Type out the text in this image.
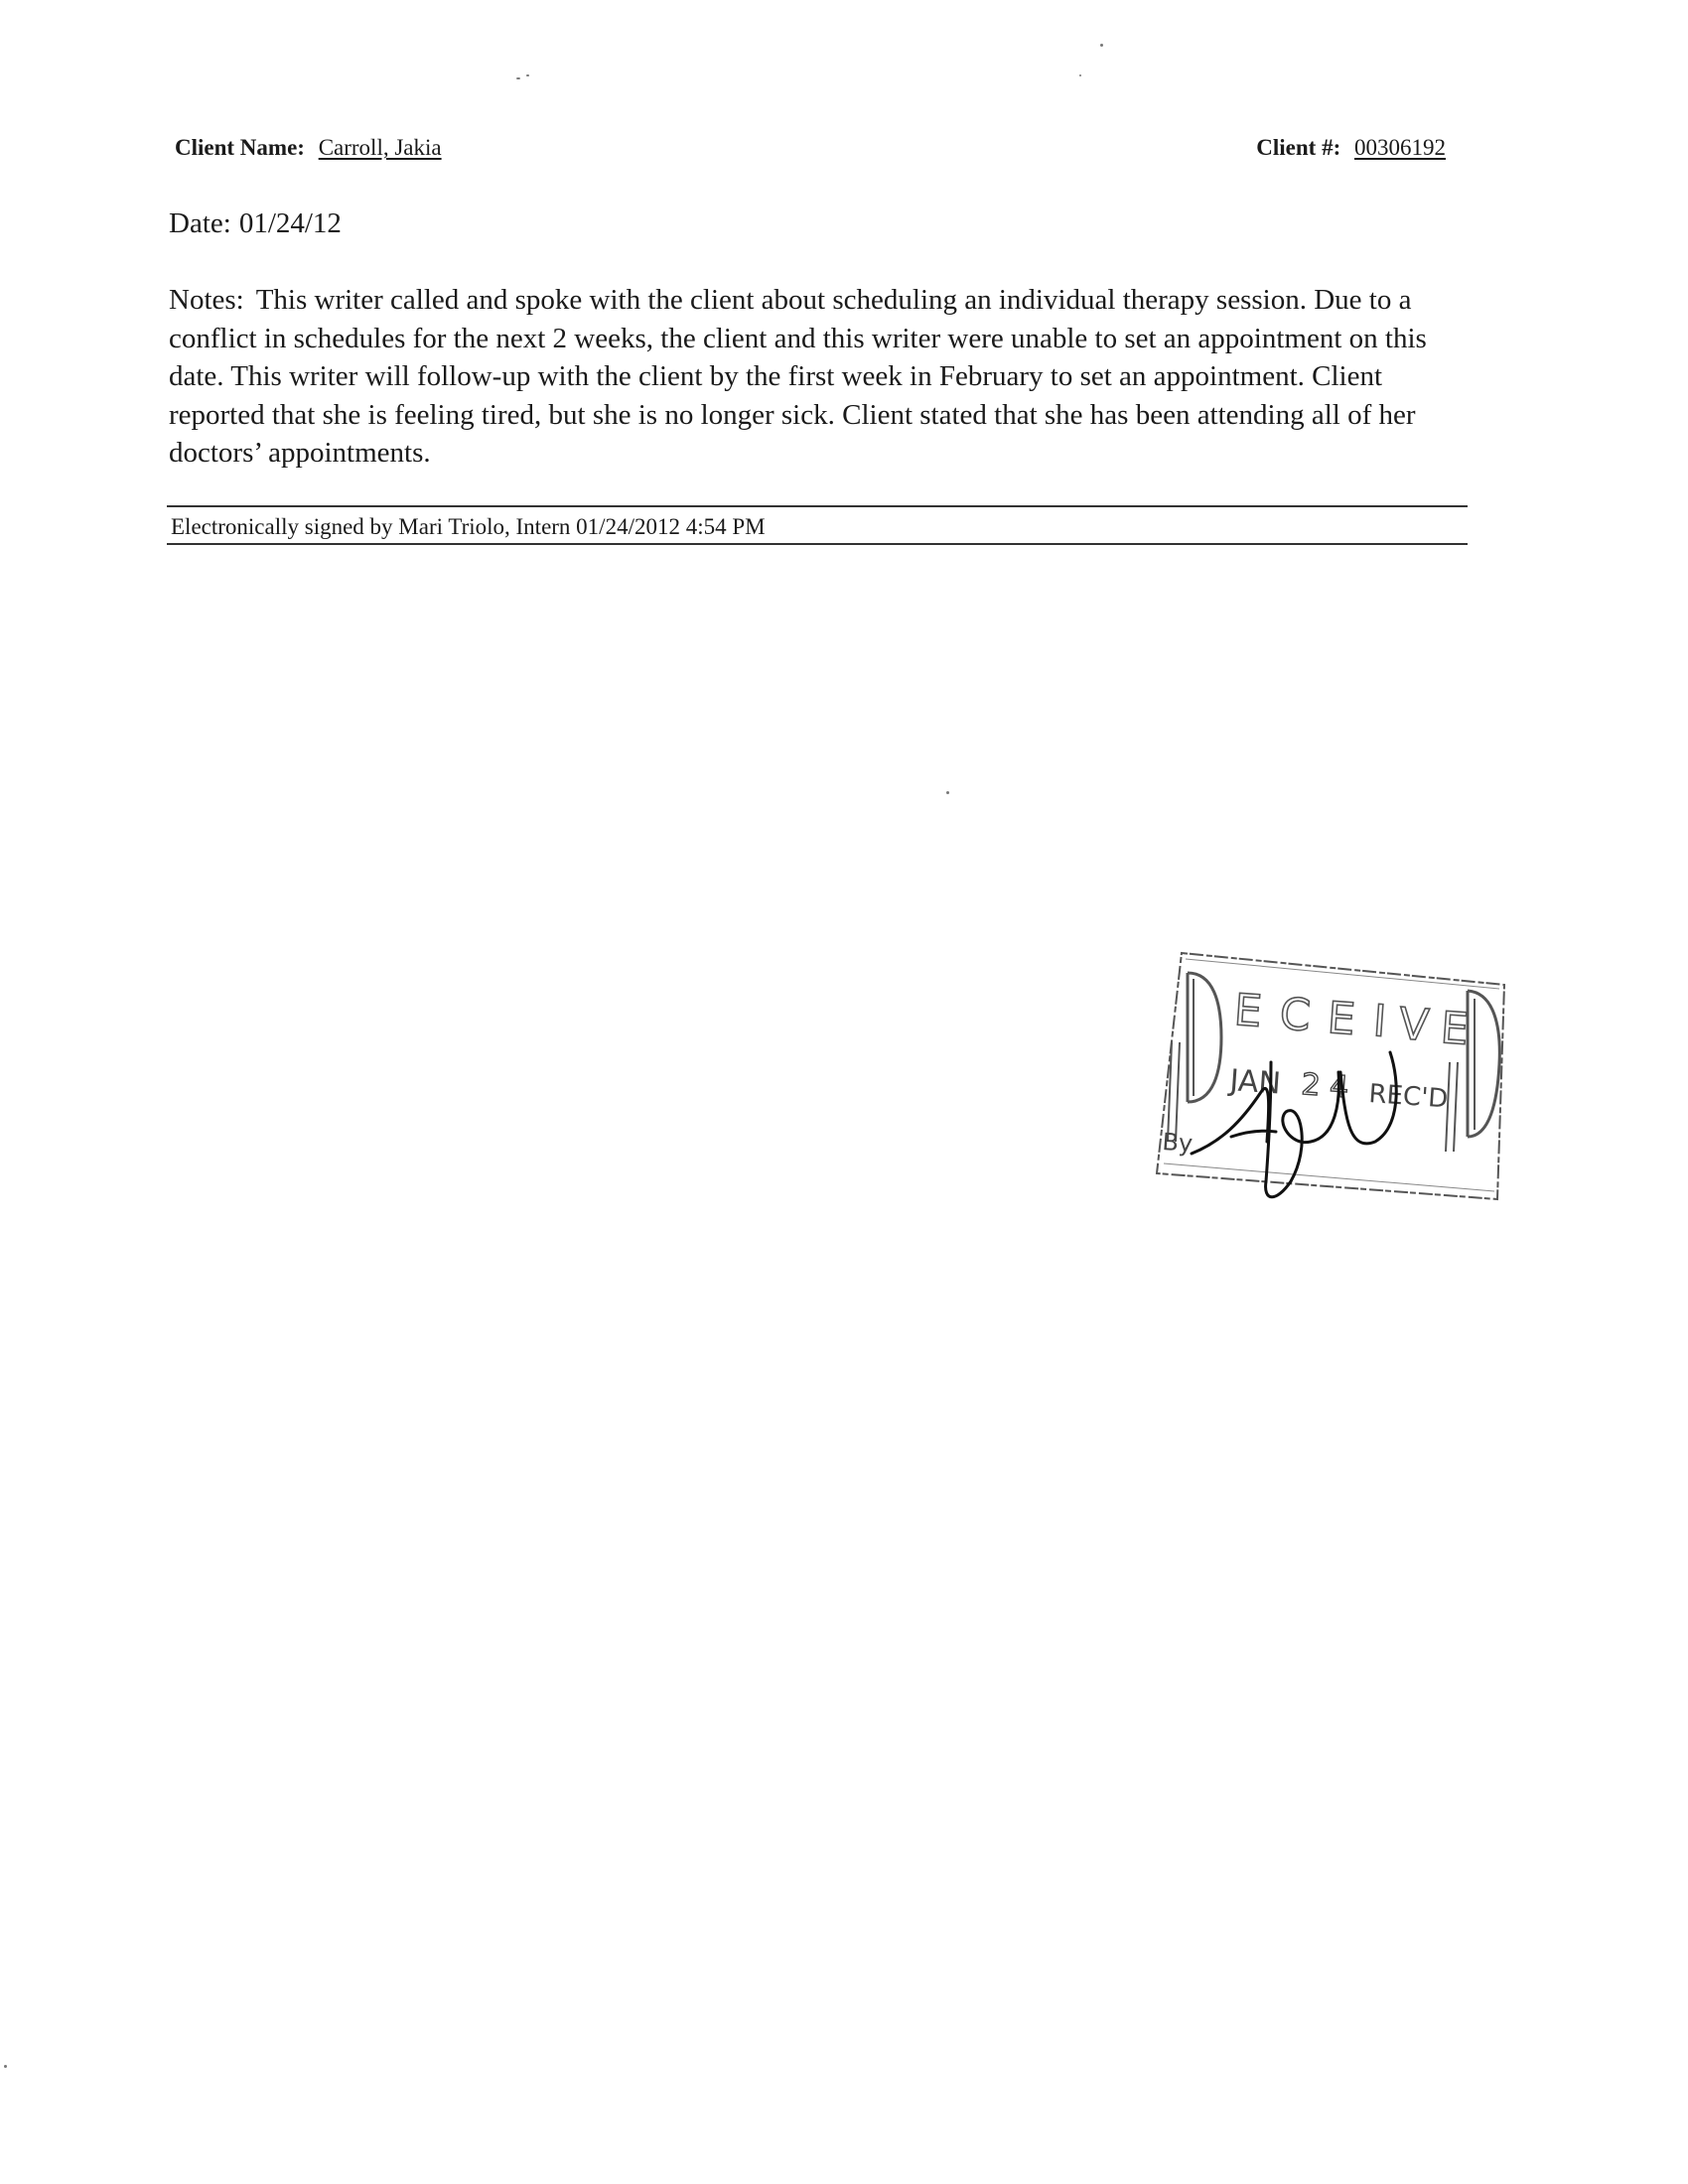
Client Name: Carroll, Jakia	Client #: 00306192
Date: 01/24/12

Notes: This writer called and spoke with the client about scheduling an individual therapy session. Due to a conflict in schedules for the next 2 weeks, the client and this writer were unable to set an appointment on this date. This writer will follow-up with the client by the first week in February to set an appointment. Client reported that she is feeling tired, but she is no longer sick. Client stated that she has been attending all of her doctors’ appointments.

Electronically signed by Mari Triolo, Intern 01/24/2012 4:54 PM
E C E I V E
JAN 2 4 REC'D
By
